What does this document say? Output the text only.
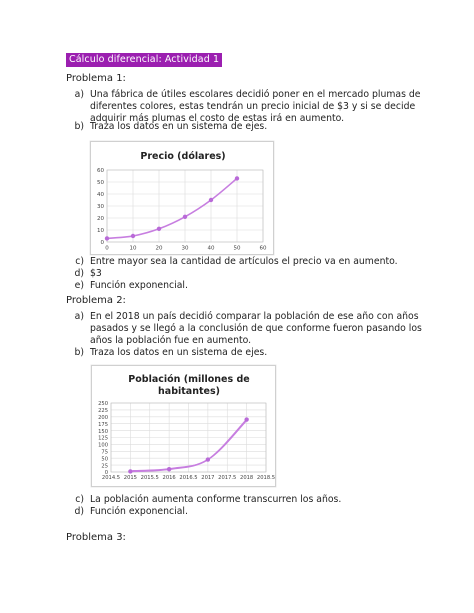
Cálculo diferencial: Actividad 1
Problema 1:
a) Una fábrica de útiles escolares decidió poner en el mercado plumas de diferentes colores, estas tendrán un precio inicial de $3 y si se decide adquirir más plumas el costo de estas irá en aumento.
b) Traza los datos en un sistema de ejes.
Precio (dólares)
0
10
20
30
40
50
60
0	10	20	30	40	50	60
c) Entre mayor sea la cantidad de artículos el precio va en aumento.
d) $3
e) Función exponencial.
Problema 2:
a) En el 2018 un país decidió comparar la población de ese año con años pasados y se llegó a la conclusión de que conforme fueron pasando los años la población fue en aumento.
b) Traza los datos en un sistema de ejes.
Población (millones de
habitantes)
0
25
50
75
100
125
150
175
200
225
250
2014.5 2015 2015.5 2016 2016.5 2017 2017.5 2018 2018.5
c) La población aumenta conforme transcurren los años.
d) Función exponencial.
Problema 3:
